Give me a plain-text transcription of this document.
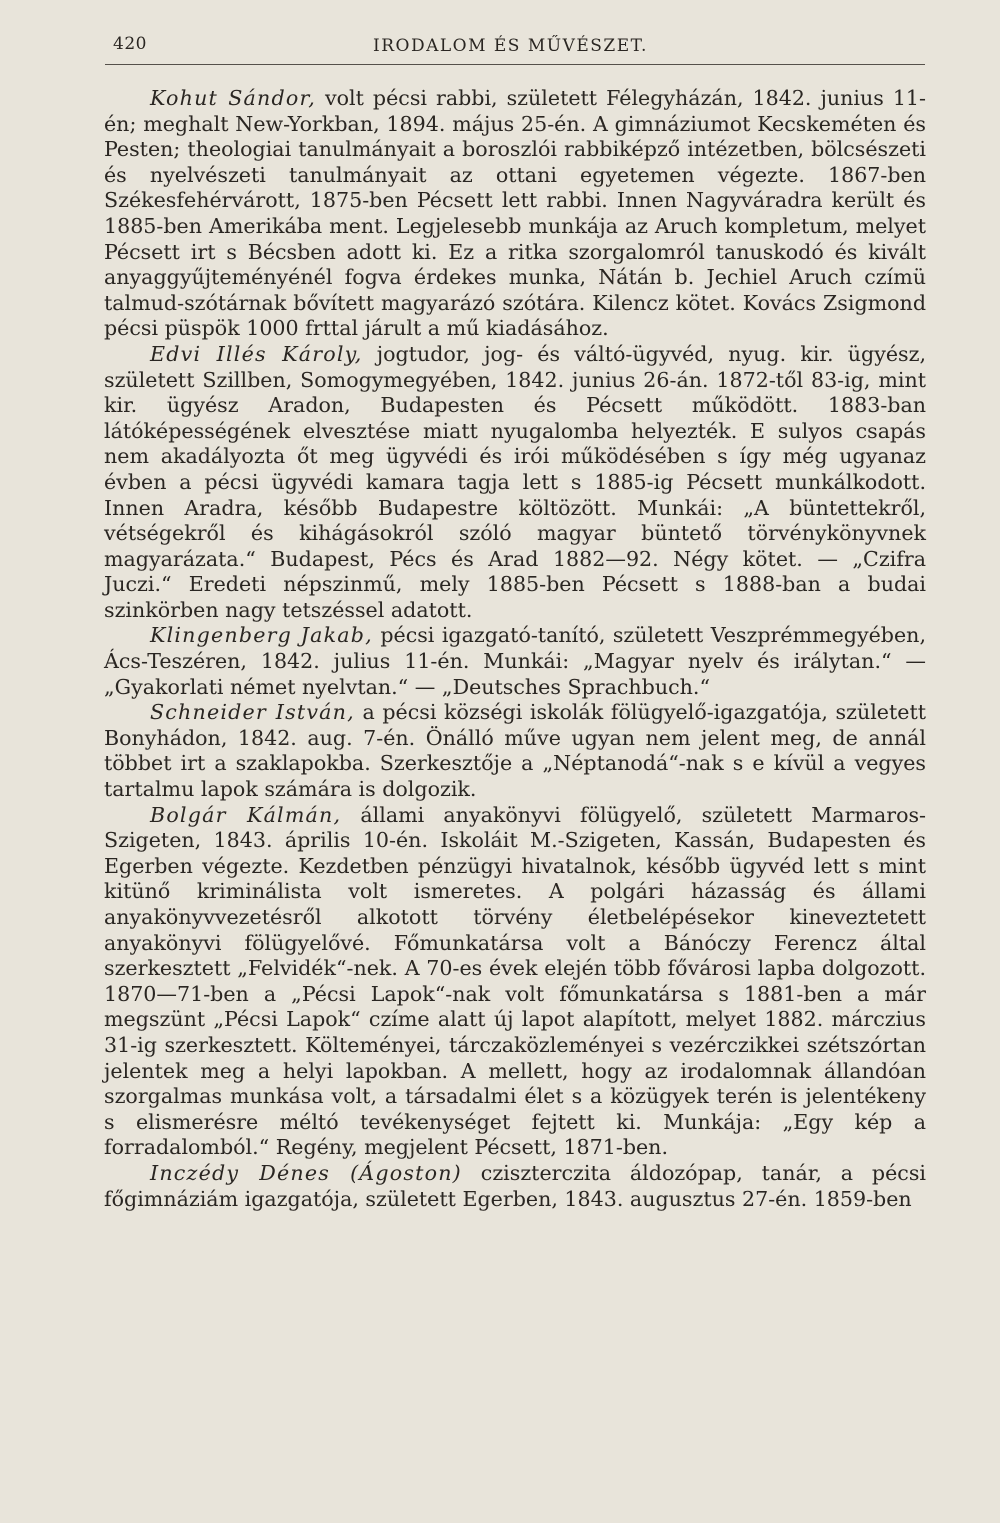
420	IRODALOM ÉS MŰVÉSZET.

Kohut Sándor, volt pécsi rabbi, született Félegyházán, 1842. junius 11-én; meghalt New-Yorkban, 1894. május 25-én. A gimnáziumot Kecskeméten és Pesten; theologiai tanulmányait a boroszlói rabbiképző intézetben, bölcsészeti és nyelvészeti tanulmányait az ottani egyetemen végezte. 1867-ben Székesfehérvárott, 1875-ben Pécsett lett rabbi. Innen Nagyváradra került és 1885-ben Amerikába ment. Legjelesebb munkája az Aruch kompletum, melyet Pécsett irt s Bécsben adott ki. Ez a ritka szorgalomról tanuskodó és kivált anyaggyűjteményénél fogva érdekes munka, Nátán b. Jechiel Aruch czímü talmud-szótárnak bővített magyarázó szótára. Kilencz kötet. Kovács Zsigmond pécsi püspök 1000 frttal járult a mű kiadásához.

Edvi Illés Károly, jogtudor, jog- és váltó-ügyvéd, nyug. kir. ügyész, született Szillben, Somogymegyében, 1842. junius 26-án. 1872-től 83-ig, mint kir. ügyész Aradon, Budapesten és Pécsett működött. 1883-ban látóképességének elvesztése miatt nyugalomba helyezték. E sulyos csapás nem akadályozta őt meg ügyvédi és irói működésében s így még ugyanaz évben a pécsi ügyvédi kamara tagja lett s 1885-ig Pécsett munkálkodott. Innen Aradra, később Budapestre költözött. Munkái: „A büntettekről, vétségekről és kihágásokról szóló magyar büntető törvénykönyvnek magyarázata.“ Budapest, Pécs és Arad 1882—92. Négy kötet. — „Czifra Juczi.“ Eredeti népszinmű, mely 1885-ben Pécsett s 1888-ban a budai szinkörben nagy tetszéssel adatott.

Klingenberg Jakab, pécsi igazgató-tanító, született Veszprémmegyében, Ács-Teszéren, 1842. julius 11-én. Munkái: „Magyar nyelv és irálytan.“ — „Gyakorlati német nyelvtan.“ — „Deutsches Sprachbuch.“

Schneider István, a pécsi községi iskolák fölügyelő-igazgatója, született Bonyhádon, 1842. aug. 7-én. Önálló műve ugyan nem jelent meg, de annál többet irt a szaklapokba. Szerkesztője a „Néptanodá“-nak s e kívül a vegyes tartalmu lapok számára is dolgozik.

Bolgár Kálmán, állami anyakönyvi fölügyelő, született Marmaros-Szigeten, 1843. április 10-én. Iskoláit M.-Szigeten, Kassán, Budapesten és Egerben végezte. Kezdetben pénzügyi hivatalnok, később ügyvéd lett s mint kitünő kriminálista volt ismeretes. A polgári házasság és állami anyakönyvvezetésről alkotott törvény életbelépésekor kineveztetett anyakönyvi fölügyelővé. Főmunkatársa volt a Bánóczy Ferencz által szerkesztett „Felvidék“-nek. A 70-es évek elején több fővárosi lapba dolgozott. 1870—71-ben a „Pécsi Lapok“-nak volt főmunkatársa s 1881-ben a már megszünt „Pécsi Lapok“ czíme alatt új lapot alapított, melyet 1882. márczius 31-ig szerkesztett. Költeményei, tárczaközleményei s vezérczikkei szétszórtan jelentek meg a helyi lapokban. A mellett, hogy az irodalomnak állandóan szorgalmas munkása volt, a társadalmi élet s a közügyek terén is jelentékeny s elismerésre méltó tevékenységet fejtett ki. Munkája: „Egy kép a forradalomból.“ Regény, megjelent Pécsett, 1871-ben.

Inczédy Dénes (Ágoston) cziszterczita áldozópap, tanár, a pécsi főgimnáziám igazgatója, született Egerben, 1843. augusztus 27-én. 1859-ben
